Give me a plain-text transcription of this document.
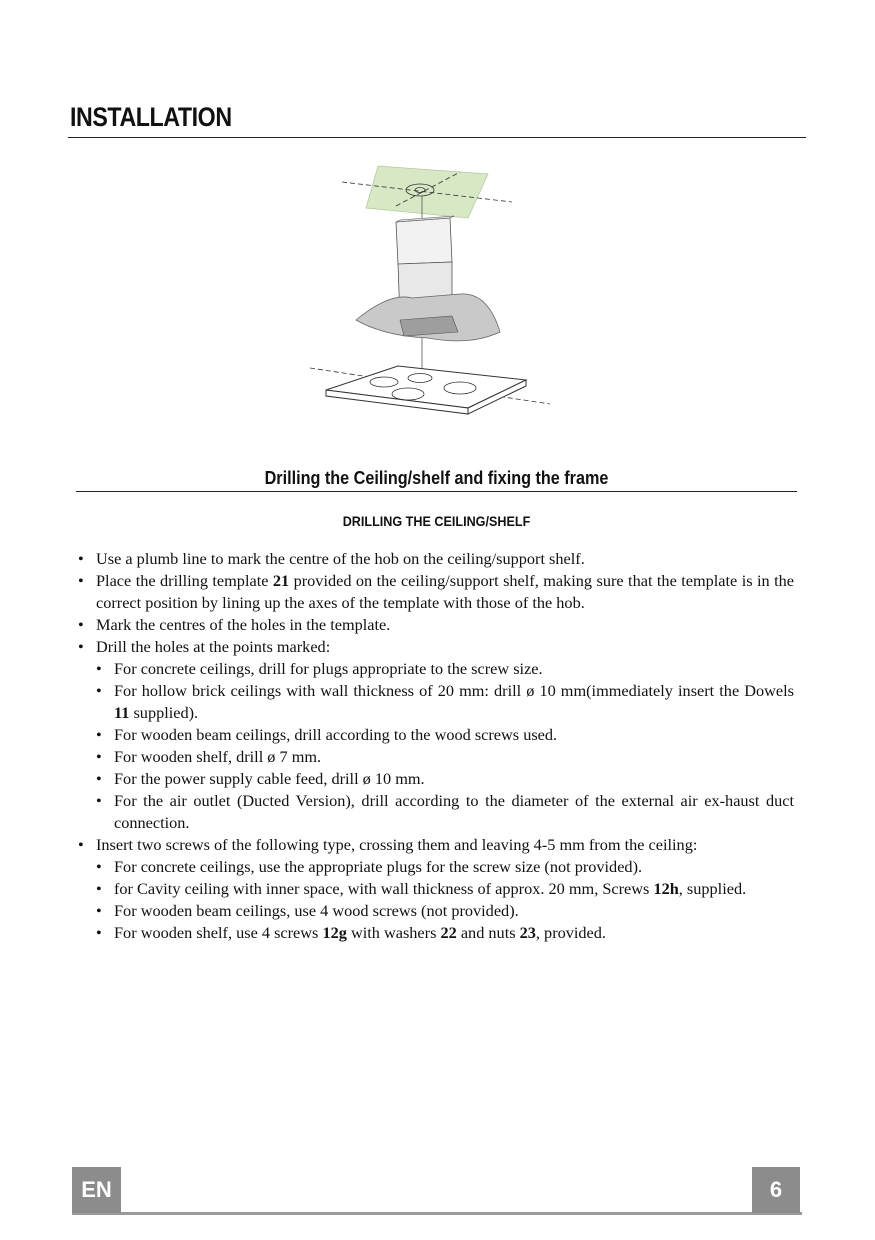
INSTALLATION
Drilling the Ceiling/shelf and fixing the frame
DRILLING THE CEILING/SHELF
• Use a plumb line to mark the centre of the hob on the ceiling/support shelf.
• Place the drilling template 21 provided on the ceiling/support shelf, making sure that the template is in the correct position by lining up the axes of the template with those of the hob.
• Mark the centres of the holes in the template.
• Drill the holes at the points marked:
• For concrete ceilings, drill for plugs appropriate to the screw size.
• For hollow brick ceilings with wall thickness of 20 mm: drill ø 10 mm(immediately insert the Dowels 11 supplied).
• For wooden beam ceilings, drill according to the wood screws used.
• For wooden shelf, drill ø 7 mm.
• For the power supply cable feed, drill ø 10 mm.
• For the air outlet (Ducted Version), drill according to the diameter of the external air ex-haust duct connection.
• Insert two screws of the following type, crossing them and leaving 4-5 mm from the ceiling:
• For concrete ceilings, use the appropriate plugs for the screw size (not provided).
• for Cavity ceiling with inner space, with wall thickness of approx. 20 mm, Screws 12h, supplied.
• For wooden beam ceilings, use 4 wood screws (not provided).
• For wooden shelf, use 4 screws 12g with washers 22 and nuts 23, provided.
EN	6
